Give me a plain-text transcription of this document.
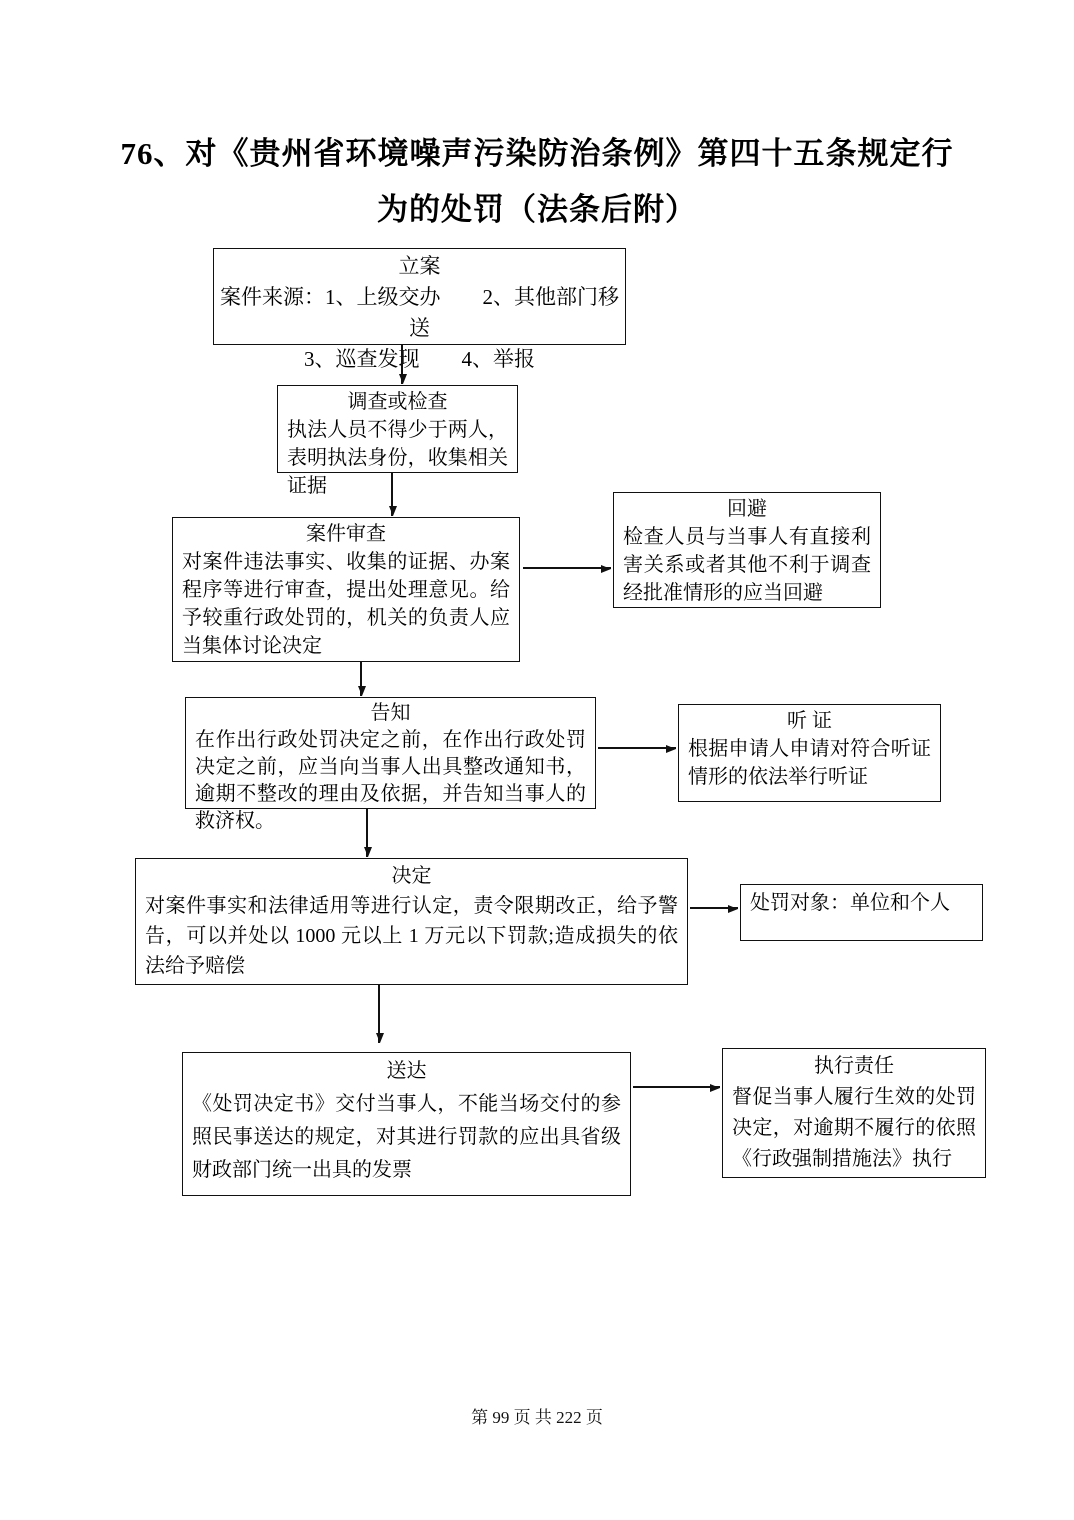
76、对《贵州省环境噪声污染防治条例》第四十五条规定行
为的处罚（法条后附）
立案
案件来源：1、上级交办　　2、其他部门移送
3、巡查发现　　4、举报
调查或检查
执法人员不得少于两人，表明执法身份，收集相关证据
案件审查
对案件违法事实、收集的证据、办案程序等进行审查，提出处理意见。给予较重行政处罚的，机关的负责人应当集体讨论决定
回避
检查人员与当事人有直接利害关系或者其他不利于调查经批准情形的应当回避
告知
在作出行政处罚决定之前，在作出行政处罚决定之前，应当向当事人出具整改通知书，逾期不整改的理由及依据，并告知当事人的救济权。
听 证
根据申请人申请对符合听证情形的依法举行听证
决定
对案件事实和法律适用等进行认定，责令限期改正，给予警告，可以并处以 1000 元以上 1 万元以下罚款;造成损失的依法给予赔偿
处罚对象：单位和个人
送达
《处罚决定书》交付当事人，不能当场交付的参照民事送达的规定，对其进行罚款的应出具省级财政部门统一出具的发票
执行责任
督促当事人履行生效的处罚决定，对逾期不履行的依照《行政强制措施法》执行
第 99 页 共 222 页
